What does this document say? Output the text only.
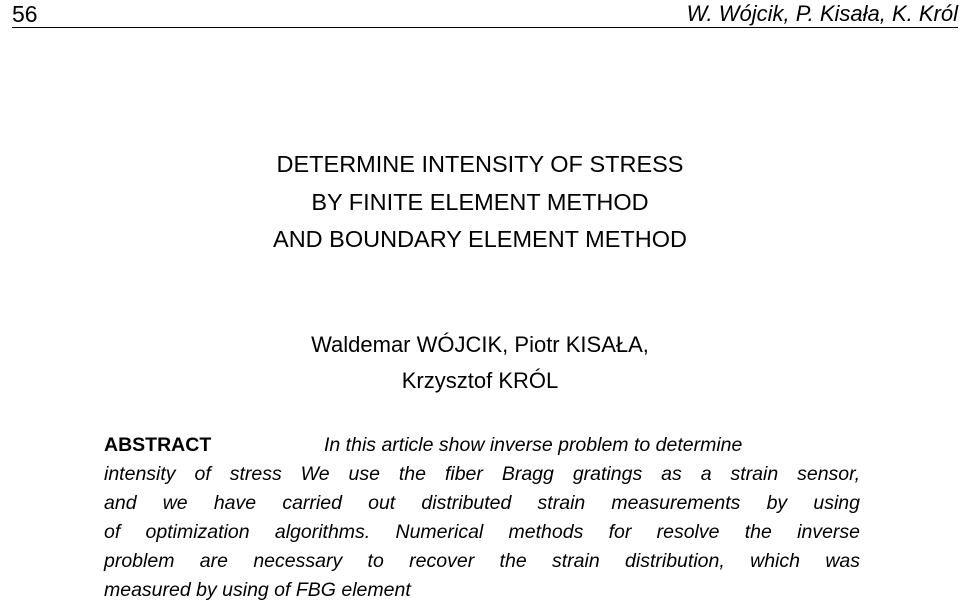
56	W. Wójcik, P. Kisała, K. Król
DETERMINE INTENSITY OF STRESS
BY FINITE ELEMENT METHOD
AND BOUNDARY ELEMENT METHOD
Waldemar WÓJCIK, Piotr KISAŁA,
Krzysztof KRÓL
ABSTRACT	In this article show inverse problem to determine
intensity of stress We use the fiber Bragg gratings as a strain sensor,
and we have carried out distributed strain measurements by using
of optimization algorithms. Numerical methods for resolve the inverse
problem are necessary to recover the strain distribution, which was
measured by using of FBG element
